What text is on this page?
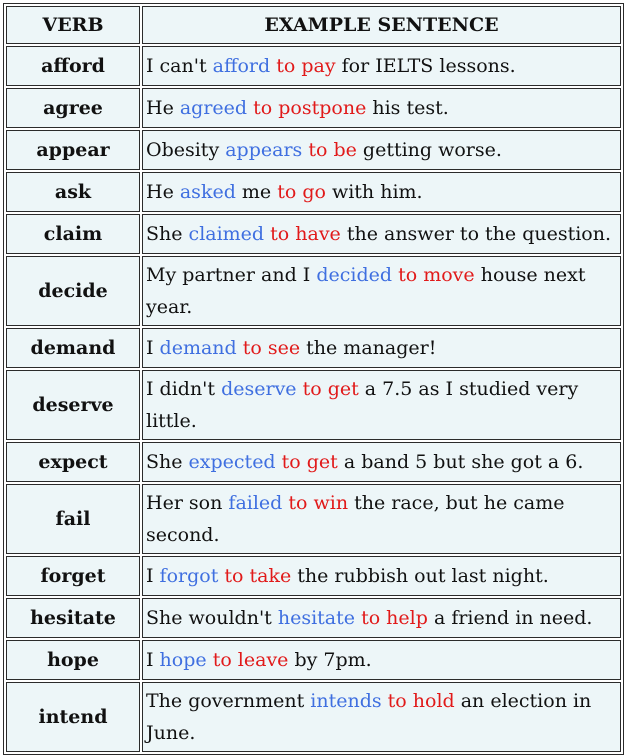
VERB	EXAMPLE SENTENCE
afford	I can't afford to pay for IELTS lessons.
agree	He agreed to postpone his test.
appear	Obesity appears to be getting worse.
ask	He asked me to go with him.
claim	She claimed to have the answer to the question.
decide	My partner and I decided to move house next year.
demand	I demand to see the manager!
deserve	I didn't deserve to get a 7.5 as I studied very little.
expect	She expected to get a band 5 but she got a 6.
fail	Her son failed to win the race, but he came second.
forget	I forgot to take the rubbish out last night.
hesitate	She wouldn't hesitate to help a friend in need.
hope	I hope to leave by 7pm.
intend	The government intends to hold an election in June.
